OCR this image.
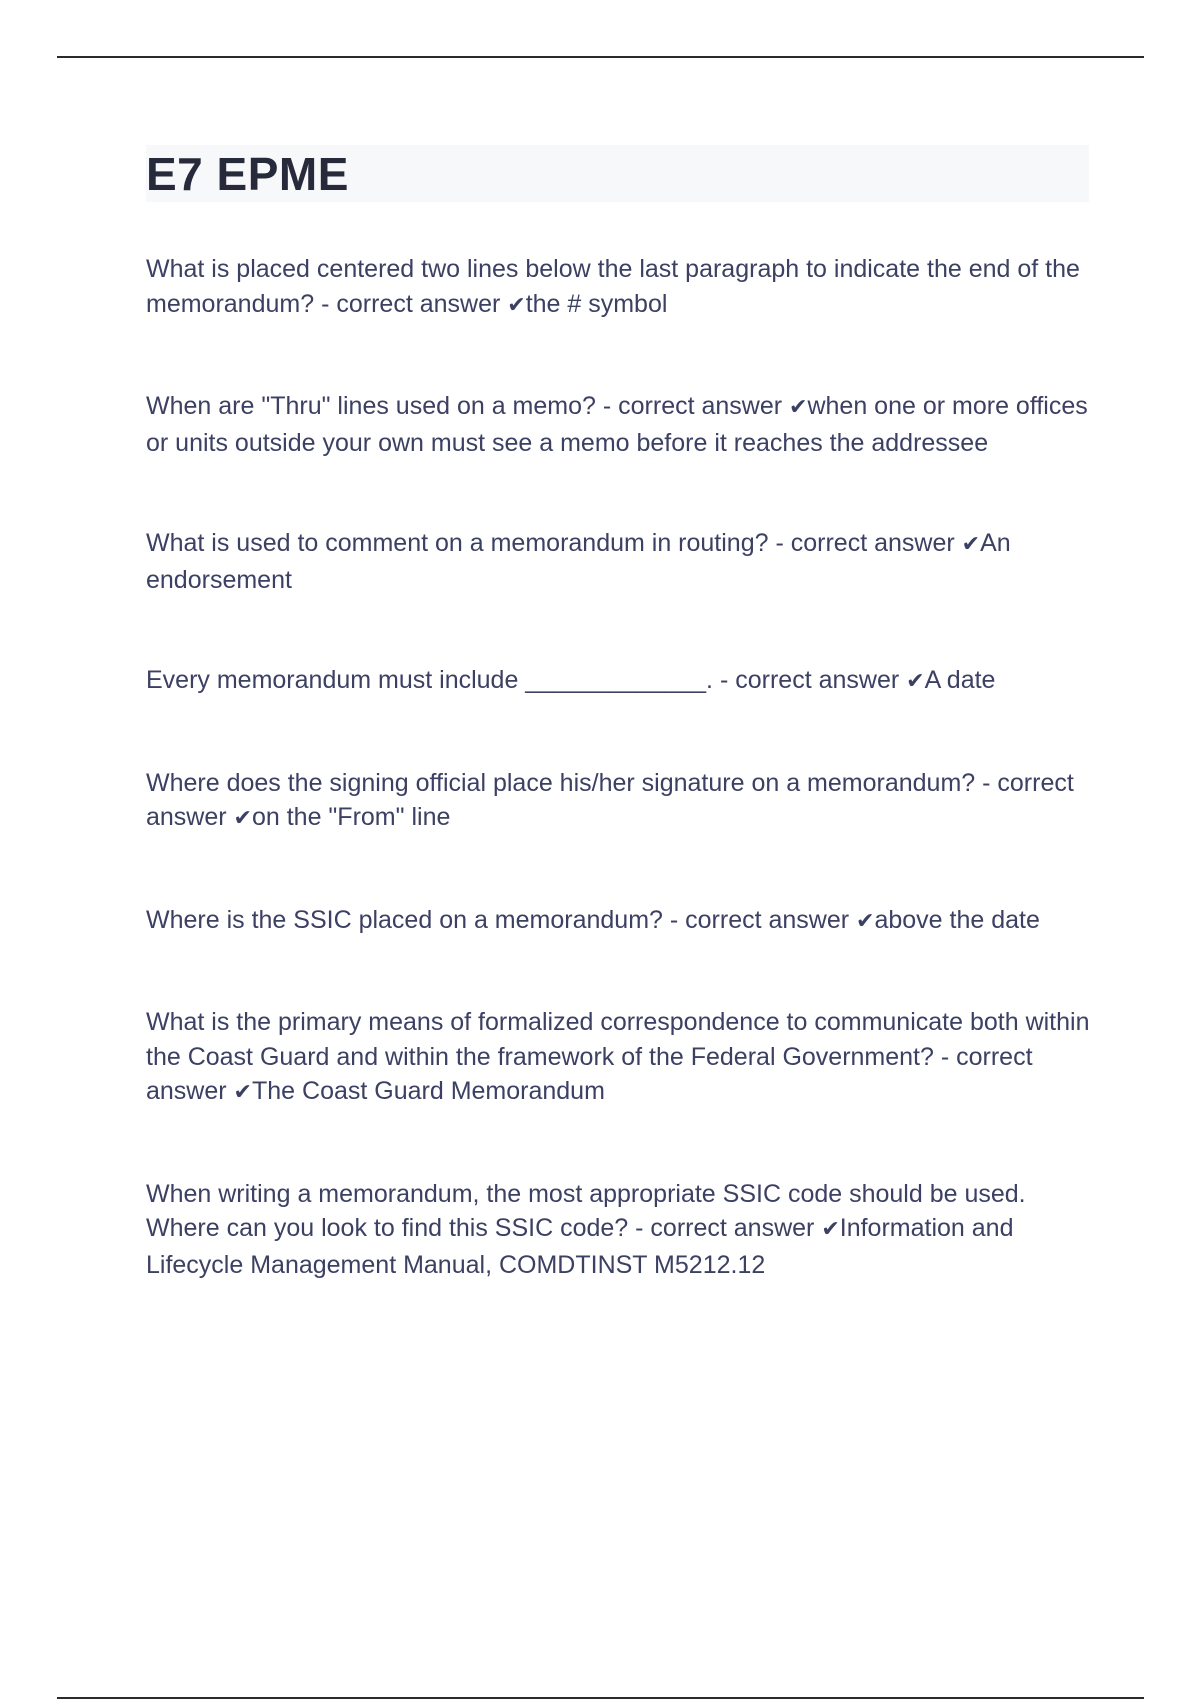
E7 EPME
What is placed centered two lines below the last paragraph to indicate the end of the memorandum? - correct answer ✔the # symbol
When are "Thru" lines used on a memo? - correct answer ✔when one or more offices or units outside your own must see a memo before it reaches the addressee
What is used to comment on a memorandum in routing? - correct answer ✔An endorsement
Every memorandum must include _____________. - correct answer ✔A date
Where does the signing official place his/her signature on a memorandum? - correct answer ✔on the "From" line
Where is the SSIC placed on a memorandum? - correct answer ✔above the date
What is the primary means of formalized correspondence to communicate both within the Coast Guard and within the framework of the Federal Government? - correct answer ✔The Coast Guard Memorandum
When writing a memorandum, the most appropriate SSIC code should be used. Where can you look to find this SSIC code? - correct answer ✔Information and Lifecycle Management Manual, COMDTINST M5212.12
